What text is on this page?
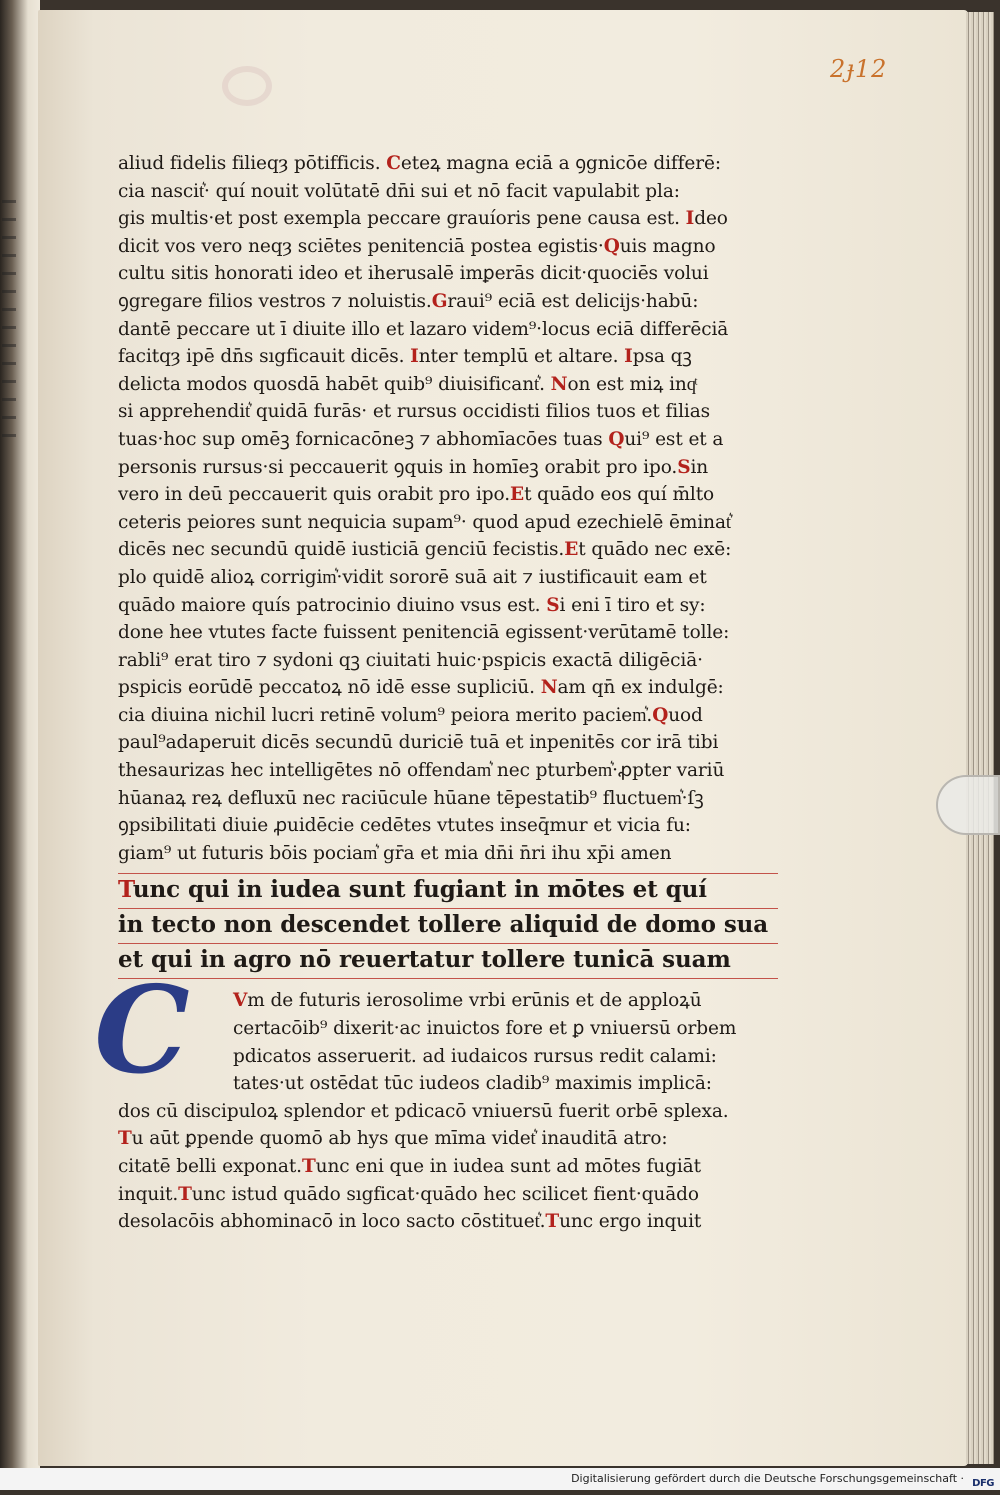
2ɟ12
aliud fidelis filieqȝ pōtifficis. Ceteꝝ magna eciā a ꝯgnicōe differē:
cia nascit͛· quí nouit volūtatē dn̄i sui et nō facit vapulabit pla:
gis multis·et post exempla peccare grauíoris pene causa est. Ideo
dicit vos vero neqȝ sciētes penitenciā postea egistis·Quis magno
cultu sitis honorati ideo et iherusalē imꝑerās dicit·quociēs volui
ꝯgregare filios vestros ⁊ noluistis.Graui⁹ eciā est delicijs·habū:
dantē peccare ut ī diuite illo et lazaro videm⁹·locus eciā differēciā
facitqȝ ipē dn̄s sıgficauit dicēs. Inter templū et altare. Ipsa qꝫ
delicta modos quosdā habēt quib⁹ diuisificant͛. Non est miꝝ inqͭ
si apprehendit͛ quidā furās· et rursus occidisti filios tuos et filias
tuas·hoc sup omēꝫ fornicacōneꝫ ⁊ abhomīacōes tuas Qui⁹ est et a
personis rursus·si peccauerit ꝯquis in homīeꝫ orabit pro ipo.Sin
vero in deū peccauerit quis orabit pro ipo.Et quādo eos quí m̄lto
ceteris peiores sunt nequicia supam⁹· quod apud ezechielē ēminat͛
dicēs nec secundū quidē iusticiā genciū fecistis.Et quādo nec exē:
plo quidē alioꝝ corrigim͛·vidit sororē suā ait ⁊ iustificauit eam et
quādo maiore quís patrocinio diuino vsus est. Si eni ī tiro et sy:
done hee vtutes facte fuissent penitenciā egissent·verūtamē tolle:
rabli⁹ erat tiro ⁊ sydoni qꝫ ciuitati huic·pspicis exactā diligēciā·
pspicis eorūdē peccatoꝝ nō idē esse supliciū. Nam qn̄ ex indulgē:
cia diuina nichil lucri retinē volum⁹ peiora merito paciem͛.Quod
paul⁹adaperuit dicēs secundū duriciē tuā et inpenitēs cor irā tibi
thesaurizas hec intelligētes nō offendam͛ nec pturbem͛·ꝓpter variū
hūanaꝝ reꝝ defluxū nec raciūcule hūane tēpestatib⁹ fluctuem͛·ſꝫ
ꝯpsibilitati diuie ꝓuidēcie cedētes vtutes inseq̄mur et vicia fu:
giam⁹ ut futuris bōis pociam͛ gr̄a et mia dn̄i n̄ri ihu xp̄i amen
Tunc qui in iudea sunt fugiant in mōtes et quí
in tecto non descendet tollere aliquid de domo sua
et qui in agro nō reuertatur tollere tunicā suam
C	Vm de futuris ierosolime vrbi erūnis et de apploꝝū
certacōib⁹ dixerit·ac inuictos fore et ꝑ vniuersū orbem
pdicatos asseruerit. ad iudaicos rursus redit calami:
tates·ut ostēdat tūc iudeos cladib⁹ maximis implicā:
dos cū discipuloꝝ splendor et pdicacō vniuersū fuerit orbē splexa.
Tu aūt ꝑpende quomō ab hys que mīma videt͛ inauditā atro:
citatē belli exponat.Tunc eni que in iudea sunt ad mōtes fugiāt
inquit.Tunc istud quādo sıgficat·quādo hec scilicet fient·quādo
desolacōis abhominacō in loco sacto cōstituet͛.Tunc ergo inquit
Digitalisierung gefördert durch die Deutsche Forschungsgemeinschaft · DFG
